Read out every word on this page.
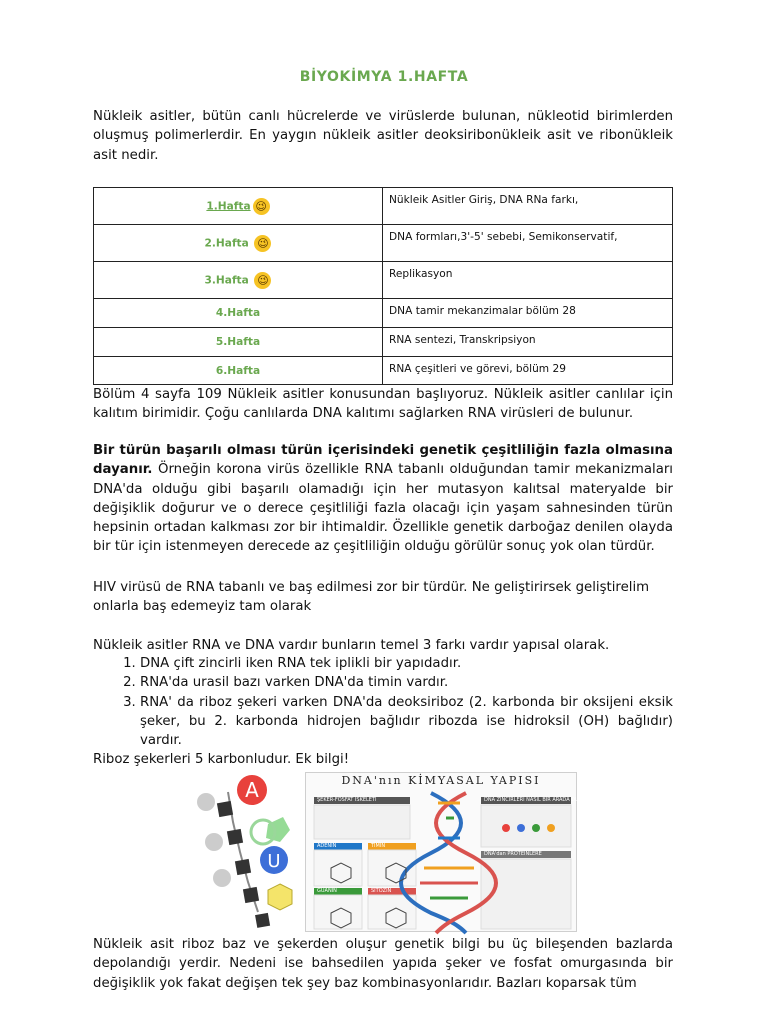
BİYOKİMYA 1.HAFTA

Nükleik asitler, bütün canlı hücrelerde ve virüslerde bulunan, nükleotid birimlerden oluşmuş polimerlerdir. En yaygın nükleik asitler deoksiribonükleik asit ve ribonükleik asit nedir.

1.Hafta 😉	Nükleik Asitler Giriş, DNA RNa farkı,
2.Hafta 😉	DNA formları,3'-5' sebebi, Semikonservatif,
3.Hafta 😉	Replikasyon
4.Hafta	DNA tamir mekanzimalar bölüm 28
5.Hafta	RNA sentezi, Transkripsiyon
6.Hafta	RNA çeşitleri ve görevi, bölüm 29

Bölüm 4 sayfa 109 Nükleik asitler konusundan başlıyoruz. Nükleik asitler canlılar için kalıtım birimidir. Çoğu canlılarda DNA kalıtımı sağlarken RNA virüsleri de bulunur.

Bir türün başarılı olması türün içerisindeki genetik çeşitliliğin fazla olmasına dayanır. Örneğin korona virüs özellikle RNA tabanlı olduğundan tamir mekanizmaları DNA'da olduğu gibi başarılı olamadığı için her mutasyon kalıtsal materyalde bir değişiklik doğurur ve o derece çeşitliliği fazla olacağı için yaşam sahnesinden türün hepsinin ortadan kalkması zor bir ihtimaldir. Özellikle genetik darboğaz denilen olayda bir tür için istenmeyen derecede az çeşitliliğin olduğu görülür sonuç yok olan türdür.

HIV virüsü de RNA tabanlı ve baş edilmesi zor bir türdür. Ne geliştirirsek geliştirelim onlarla baş edemeyiz tam olarak

Nükleik asitler RNA ve DNA vardır bunların temel 3 farkı vardır yapısal olarak.

1. DNA çift zincirli iken RNA tek iplikli bir yapıdadır.
2. RNA'da urasil bazı varken DNA'da timin vardır.
3. RNA' da riboz şekeri varken DNA'da deoksiriboz (2. karbonda bir oksijeni eksik şeker, bu 2. karbonda hidrojen bağlıdır ribozda ise hidroksil (OH) bağlıdır) vardır.

Riboz şekerleri 5 karbonludur. Ek bilgi!

A
U
DNA'nın KİMYASAL YAPISI
ŞEKER-FOSFAT İSKELETİ	DNA ZİNCİRLERİ NASIL BİR ARADA DURUR
ADENİN	TİMİN
GUANİN	SİTOZİN
DNA'dan PROTEİNLERE

Nükleik asit riboz baz ve şekerden oluşur genetik bilgi bu üç bileşenden bazlarda depolandığı yerdir. Nedeni ise bahsedilen yapıda şeker ve fosfat omurgasında bir değişiklik yok fakat değişen tek şey baz kombinasyonlarıdır. Bazları koparsak tüm
